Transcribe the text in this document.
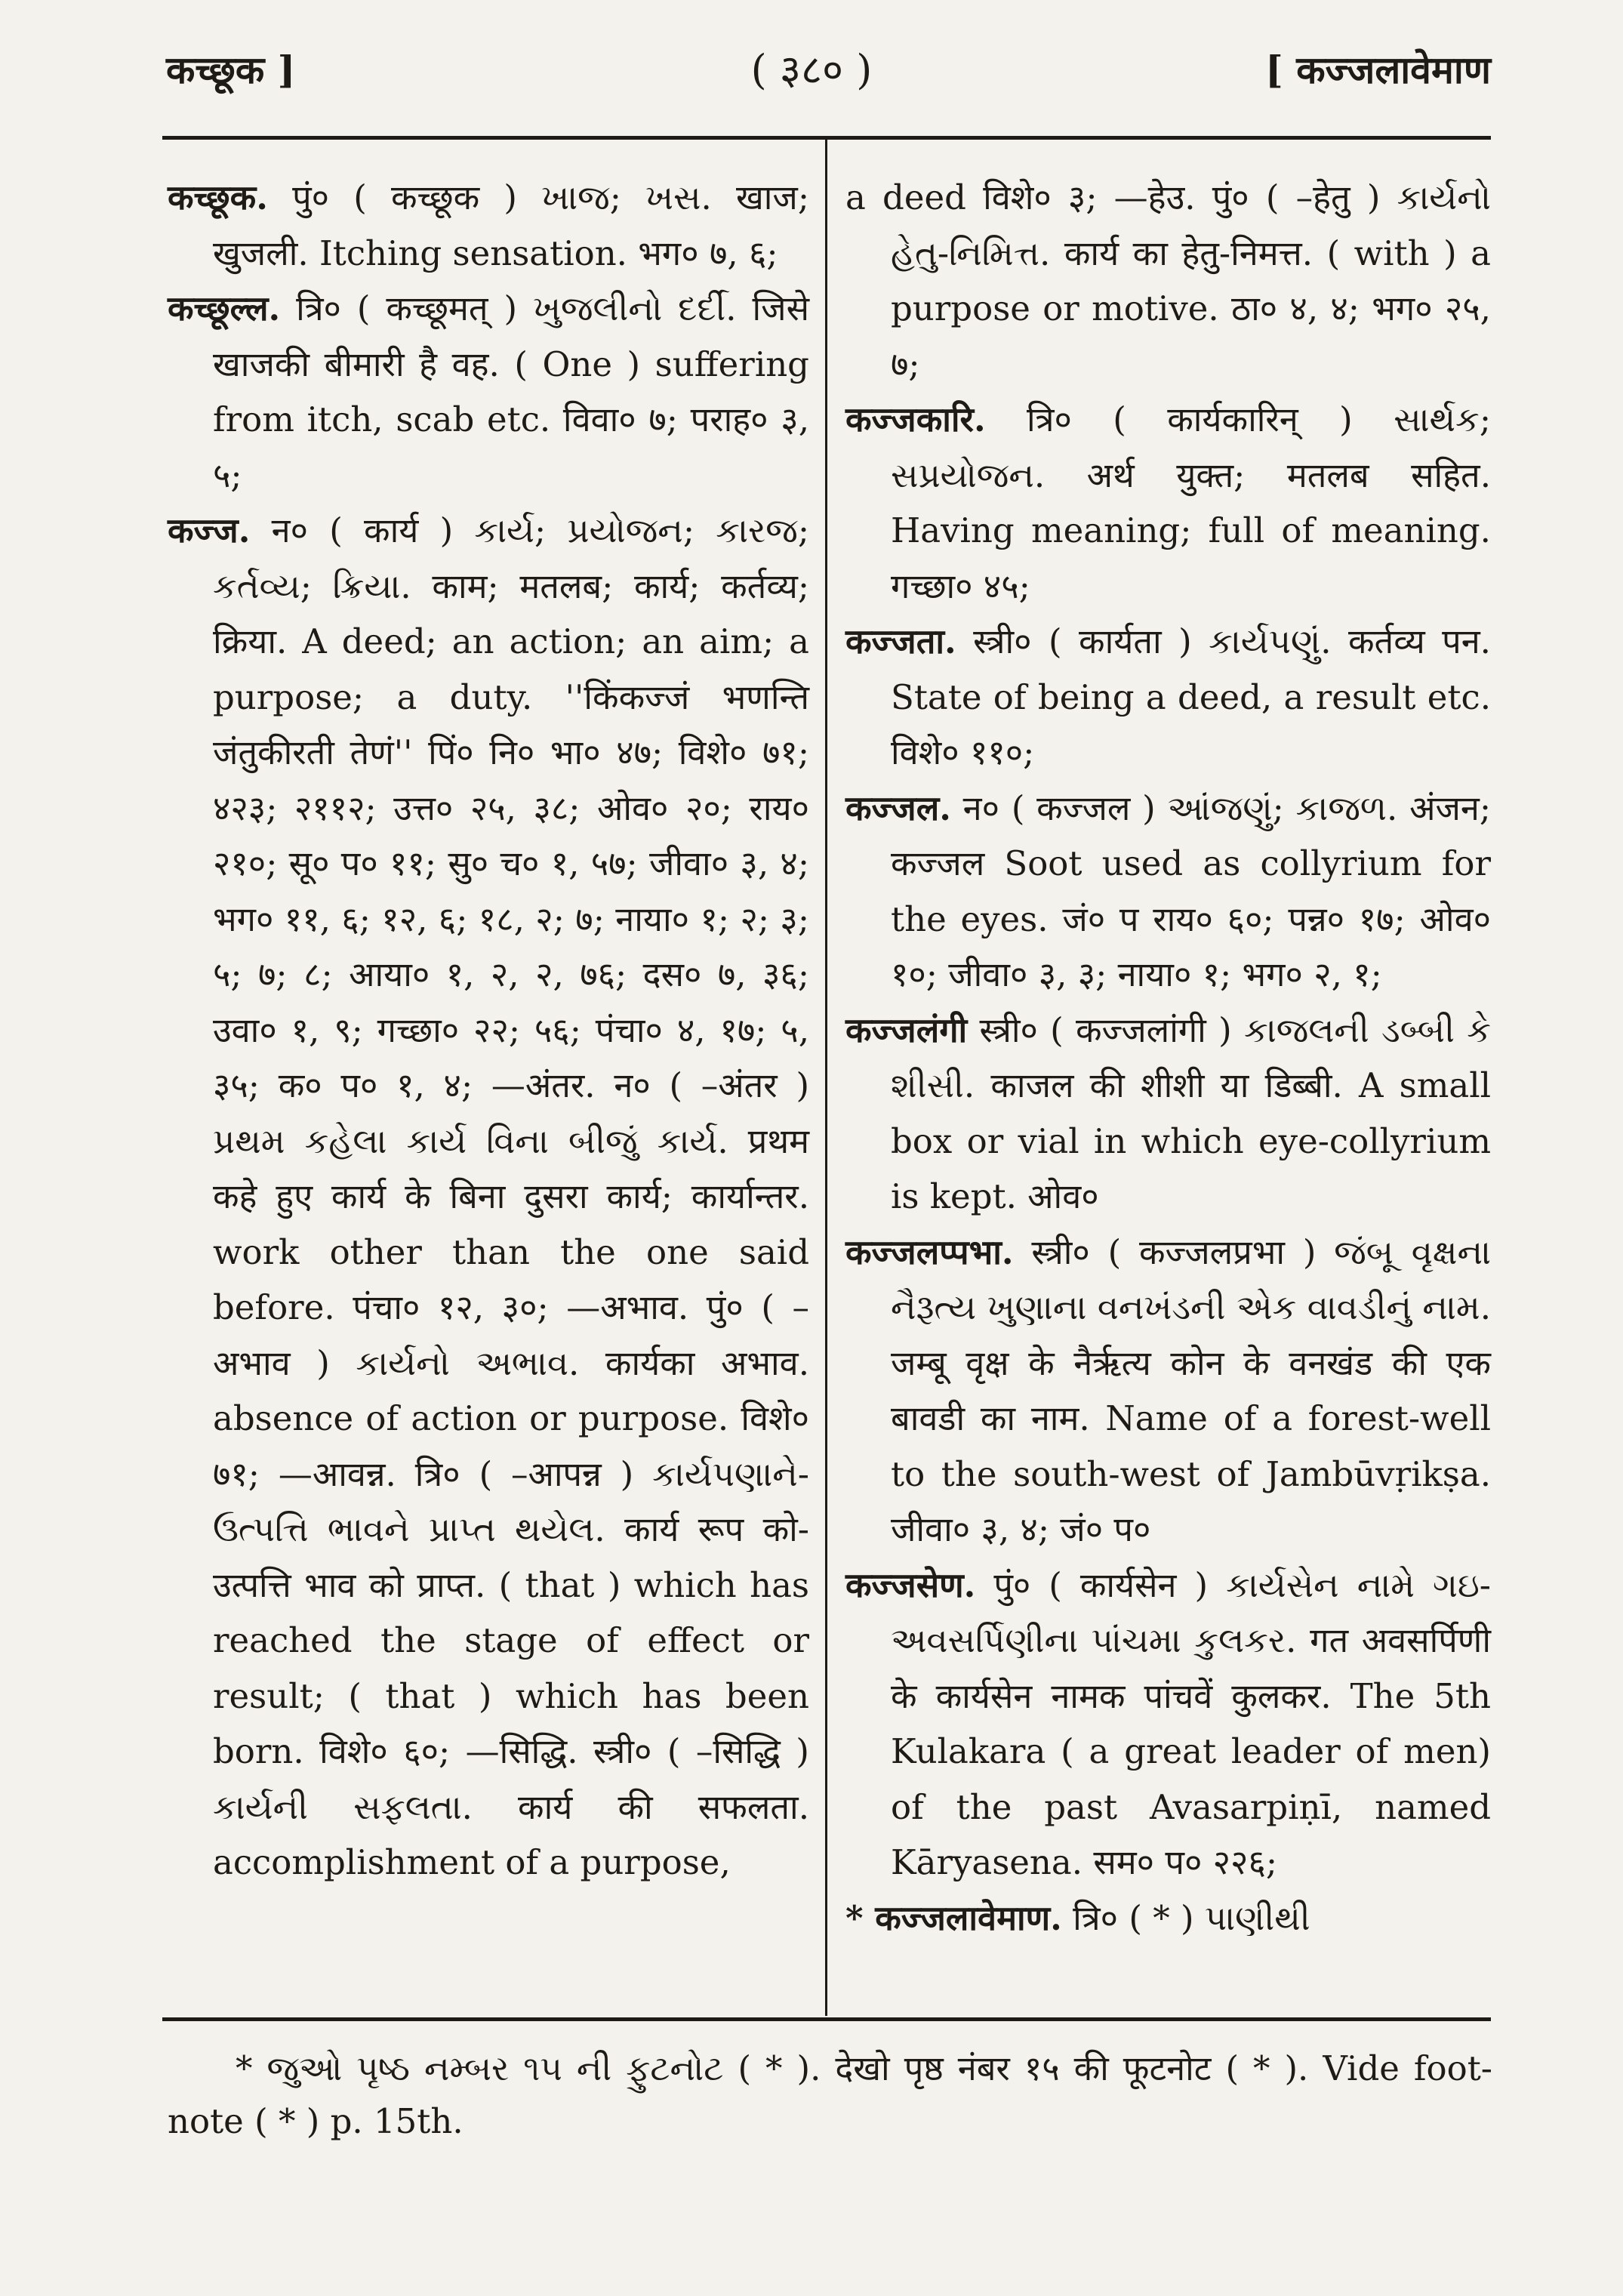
कच्छूक ]	( ३८० )	[ कज्जलावेमाण

कच्छूक. पुं० ( कच्छूक ) ખાજ; ખસ. खाज; खुजली. Itching sensation. भग० ७, ६;

कच्छूल्ल. त्रि० ( कच्छूमत् ) ખુજલીનો દર્દી. जिसे खाजकी बीमारी है वह. ( One ) suffering from itch, scab etc. विवा० ७; पराह० ३, ५;

कज्ज. न० ( कार्य ) કાર્ય; પ્રયોજન; કારજ; કર્તવ્ય; ક્રિયા. काम; मतलब; कार्य; कर्तव्य; क्रिया. A deed; an action; an aim; a purpose; a duty. ''किंकज्जं भणन्ति जंतुकीरती तेणं'' पिं० नि० भा० ४७; विशे० ७१; ४२३; २११२; उत्त० २५, ३८; ओव० २०; राय० २१०; सू० प० ११; सु० च० १, ५७; जीवा० ३, ४; भग० ११, ६; १२, ६; १८, २; ७; नाया० १; २; ३; ५; ७; ८; आया० १, २, २, ७६; दस० ७, ३६; उवा० १, ९; गच्छा० २२; ५६; पंचा० ४, १७; ५, ३५; क० प० १, ४; —अंतर. न० ( –अंतर ) પ્રથમ કહેલા કાર્ય વિના બીજું કાર્ય. प्रथम कहे हुए कार्य के बिना दुसरा कार्य; कार्यान्तर. work other than the one said before. पंचा० १२, ३०; —अभाव. पुं० ( –अभाव ) કાર્યનો અભાવ. कार्यका अभाव. absence of action or purpose. विशे० ७१; —आवन्न. त्रि० ( –आपन्न ) કાર્યપણાને-ઉત્પત્તિ ભાવને પ્રાપ્ત થયેલ. कार्य रूप को-उत्पत्ति भाव को प्राप्त. ( that ) which has reached the stage of effect or result; ( that ) which has been born. विशे० ६०; —सिद्धि. स्त्री० ( –सिद्धि ) કાર્યની સફલતા. कार्य की सफलता. accomplishment of a purpose,

a deed विशे० ३; —हेउ. पुं० ( –हेतु ) કાર્યનો હેતુ-નિમિત્ત. कार्य का हेतु-निमत्त. ( with ) a purpose or motive. ठा० ४, ४; भग० २५, ७;

कज्जकारि. त्रि० ( कार्यकारिन् ) સાર્થક; સપ્રયોજન. अर्थ युक्त; मतलब सहित. Having meaning; full of meaning. गच्छा० ४५;

कज्जता. स्त्री० ( कार्यता ) કાર્યપણું. कर्तव्य पन. State of being a deed, a result etc. विशे० ११०;

कज्जल. न० ( कज्जल ) આંજણું; કાજળ. अंजन; कज्जल Soot used as collyrium for the eyes. जं० प राय० ६०; पन्न० १७; ओव० १०; जीवा० ३, ३; नाया० १; भग० २, १;

कज्जलंगी स्त्री० ( कज्जलांगी ) કાજલની ડબ્બી કે શીસી. काजल की शीशी या डिब्बी. A small box or vial in which eye-collyrium is kept. ओव०

कज्जलप्पभा. स्त्री० ( कज्जलप्रभा ) જંબૂ વૃક્ષના નૈરૂત્ય ખુણાના વનખંડની એક વાવડીનું નામ. जम्बू वृक्ष के नैर्ऋत्य कोन के वनखंड की एक बावडी का नाम. Name of a forest-well to the south-west of Jambūvṛikṣa. जीवा० ३, ४; जं० प०

कज्जसेण. पुं० ( कार्यसेन ) કાર્યસેન નામે ગઇ-અવસર્પિણીના પાંચમા કુલકર. गत अवसर्पिणी के कार्यसेन नामक पांचवें कुलकर. The 5th Kulakara ( a great leader of men) of the past Avasarpiṇī, named Kāryasena. सम० प० २२६;

* कज्जलावेमाण. त्रि० ( * ) પાણીથી

* જુઓ પૃષ્ઠ નમ્બર ૧૫ ની ફુટનોટ ( * ). देखो पृष्ठ नंबर १५ की फूटनोट ( * ). Vide foot-note ( * ) p. 15th.
